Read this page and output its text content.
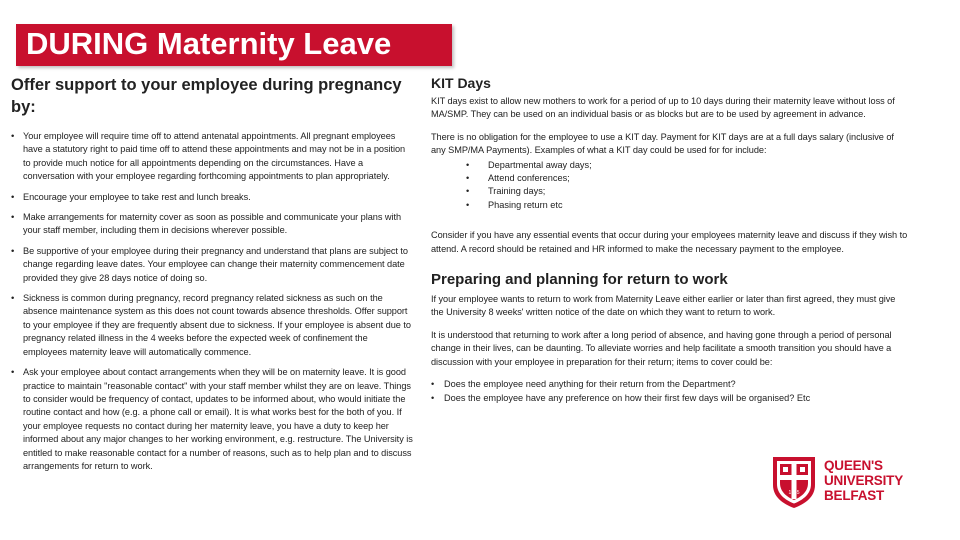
DURING Maternity Leave
Offer support to your employee during pregnancy by:
• Your employee will require time off to attend antenatal appointments. All pregnant employees have a statutory right to paid time off to attend these appointments and may not be in a position to provide much notice for all appointments depending on the circumstances. Have a conversation with your employee regarding forthcoming appointments to plan appropriately.
• Encourage your employee to take rest and lunch breaks.
• Make arrangements for maternity cover as soon as possible and communicate your plans with your staff member, including them in decisions wherever possible.
• Be supportive of your employee during their pregnancy and understand that plans are subject to change regarding leave dates. Your employee can change their maternity commencement date provided they give 28 days notice of doing so.
• Sickness is common during pregnancy, record pregnancy related sickness as such on the absence maintenance system as this does not count towards absence thresholds. Offer support to your employee if they are frequently absent due to sickness. If your employee is absent due to pregnancy related illness in the 4 weeks before the expected week of confinement the employees maternity leave will automatically commence.
• Ask your employee about contact arrangements when they will be on maternity leave. It is good practice to maintain "reasonable contact" with your staff member whilst they are on leave. Things to consider would be frequency of contact, updates to be informed about, who would initiate the routine contact and how (e.g. a phone call or email). It is what works best for the both of you. If your employee requests no contact during her maternity leave, you have a duty to keep her informed about any major changes to her working environment, e.g. restructure. The University is entitled to make reasonable contact for a number of reasons, such as to help plan and to discuss arrangements for return to work.
KIT Days

KIT days exist to allow new mothers to work for a period of up to 10 days during their maternity leave without loss of MA/SMP. They can be used on an individual basis or as blocks but are to be used by agreement in advance.

There is no obligation for the employee to use a KIT day. Payment for KIT days are at a full days salary (inclusive of any SMP/MA Payments). Examples of what a KIT day could be used for for include:

• Departmental away days;
• Attend conferences;
• Training days;
• Phasing return etc

Consider if you have any essential events that occur during your employees maternity leave and discuss if they wish to attend. A record should be retained and HR informed to make the necessary payment to the employee.

Preparing and planning for return to work

If your employee wants to return to work from Maternity Leave either earlier or later than first agreed, they must give the University 8 weeks' written notice of the date on which they want to return to work.

It is understood that returning to work after a long period of absence, and having gone through a period of personal change in their lives, can be daunting. To alleviate worries and help facilitate a smooth transition you should have a discussion with your employee in preparation for their return; items to cover could be:

• Does the employee need anything for their return from the Department?
• Does the employee have any preference on how their first few days will be organised? Etc
1845
QUEEN'S
UNIVERSITY
BELFAST
